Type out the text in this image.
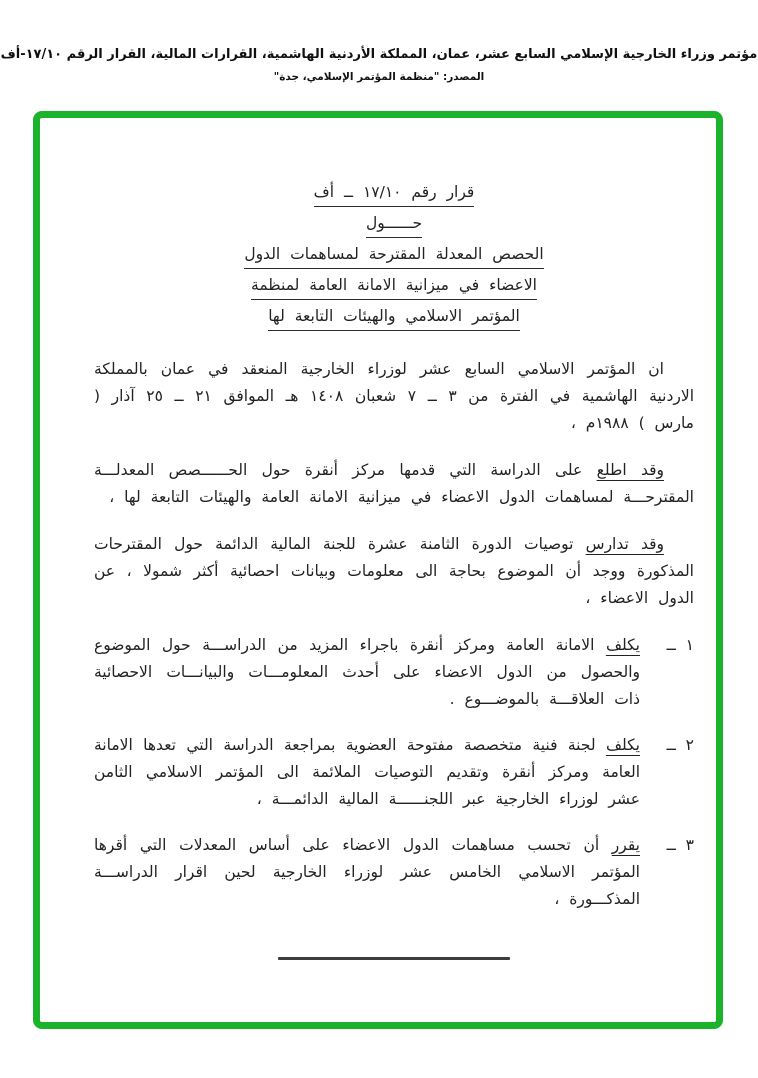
مؤتمر وزراء الخارجية الإسلامي السابع عشر، عمان، المملكة الأردنية الهاشمية، القرارات المالية، القرار الرقم ١٧/١٠-أف
المصدر: "منظمة المؤتمر الإسلامي، جدة"
قرار رقم ١٧/١٠ ــ أف
حــــــول
الحصص المعدلة المقترحة لمساهمات الدول
الاعضاء في ميزانية الامانة العامة لمنظمة
المؤتمر الاسلامي والهيئات التابعة لها
ان المؤتمر الاسلامي السابع عشر لوزراء الخارجية المنعقد في عمان بالمملكة الاردنية الهاشمية في الفترة من ٣ ــ ٧ شعبان ١٤٠٨ هـ الموافق ٢١ ــ ٢٥ آذار ( مارس ) ١٩٨٨م ،
وقد اطلع على الدراسة التي قدمها مركز أنقرة حول الحــــــصص المعدلـــة المقترحـــة لمساهمات الدول الاعضاء في ميزانية الامانة العامة والهيئات التابعة لها ،
وقد تدارس توصيات الدورة الثامنة عشرة للجنة المالية الدائمة حول المقترحات المذكورة ووجد أن الموضوع بحاجة الى معلومات وبيانات احصائية أكثر شمولا ، عن الدول الاعضاء ،
١ ــ
يكلف الامانة العامة ومركز أنقرة باجراء المزيد من الدراســـة حول الموضوع والحصول من الدول الاعضاء على أحدث المعلومـــات والبيانـــات الاحصائية ذات العلاقـــة بالموضـــوع .
٢ ــ
يكلف لجنة فنية متخصصة مفتوحة العضوية بمراجعة الدراسة التي تعدها الامانة العامة ومركز أنقرة وتقديم التوصيات الملائمة الى المؤتمر الاسلامي الثامن عشر لوزراء الخارجية عبر اللجنــــــة المالية الدائمـــة ،
٣ ــ
يقرر أن تحسب مساهمات الدول الاعضاء على أساس المعدلات التي أقرها المؤتمر الاسلامي الخامس عشر لوزراء الخارجية لحين اقرار الدراســـة المذكـــورة ،
